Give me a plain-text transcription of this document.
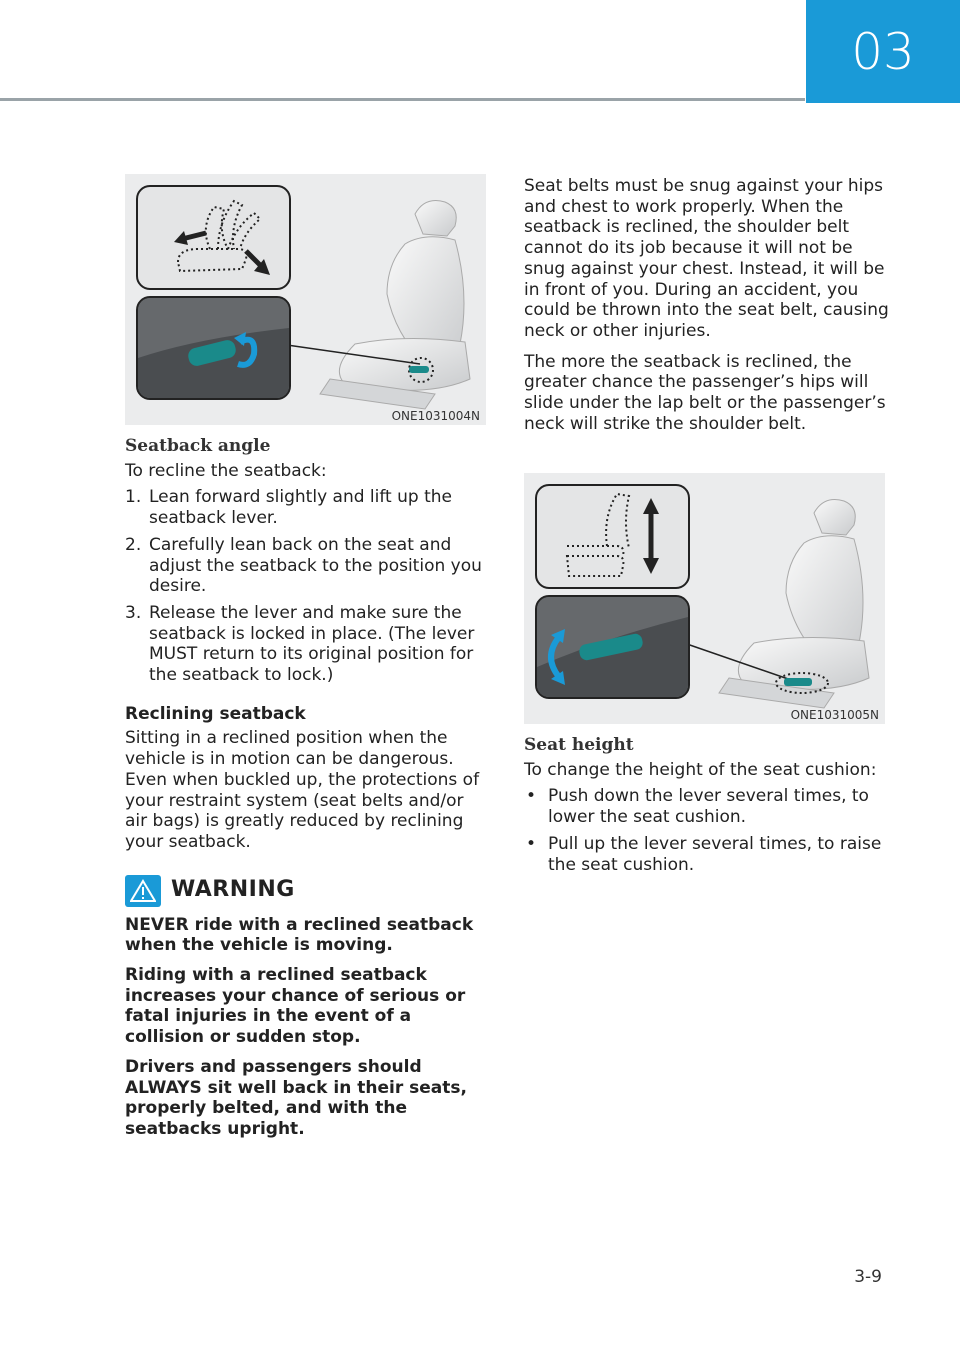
03
ONE1031004N
Seatback angle

To recline the seatback:

1. Lean forward slightly and lift up the seatback lever.
2. Carefully lean back on the seat and adjust the seatback to the position you desire.
3. Release the lever and make sure the seatback is locked in place. (The lever MUST return to its original position for the seatback to lock.)
Reclining seatback

Sitting in a reclined position when the vehicle is in motion can be dangerous. Even when buckled up, the protections of your restraint system (seat belts and/or air bags) is greatly reduced by reclining your seatback.

WARNING

NEVER ride with a reclined seatback when the vehicle is moving.

Riding with a reclined seatback increases your chance of serious or fatal injuries in the event of a collision or sudden stop.

Drivers and passengers should ALWAYS sit well back in their seats, properly belted, and with the seatbacks upright.

Seat belts must be snug against your hips and chest to work properly. When the seatback is reclined, the shoulder belt cannot do its job because it will not be snug against your chest. Instead, it will be in front of you. During an accident, you could be thrown into the seat belt, causing neck or other injuries.

The more the seatback is reclined, the greater chance the passenger’s hips will slide under the lap belt or the passenger’s neck will strike the shoulder belt.

ONE1031005N
Seat height

To change the height of the seat cushion:

• Push down the lever several times, to lower the seat cushion.
• Pull up the lever several times, to raise the seat cushion.
3-9
